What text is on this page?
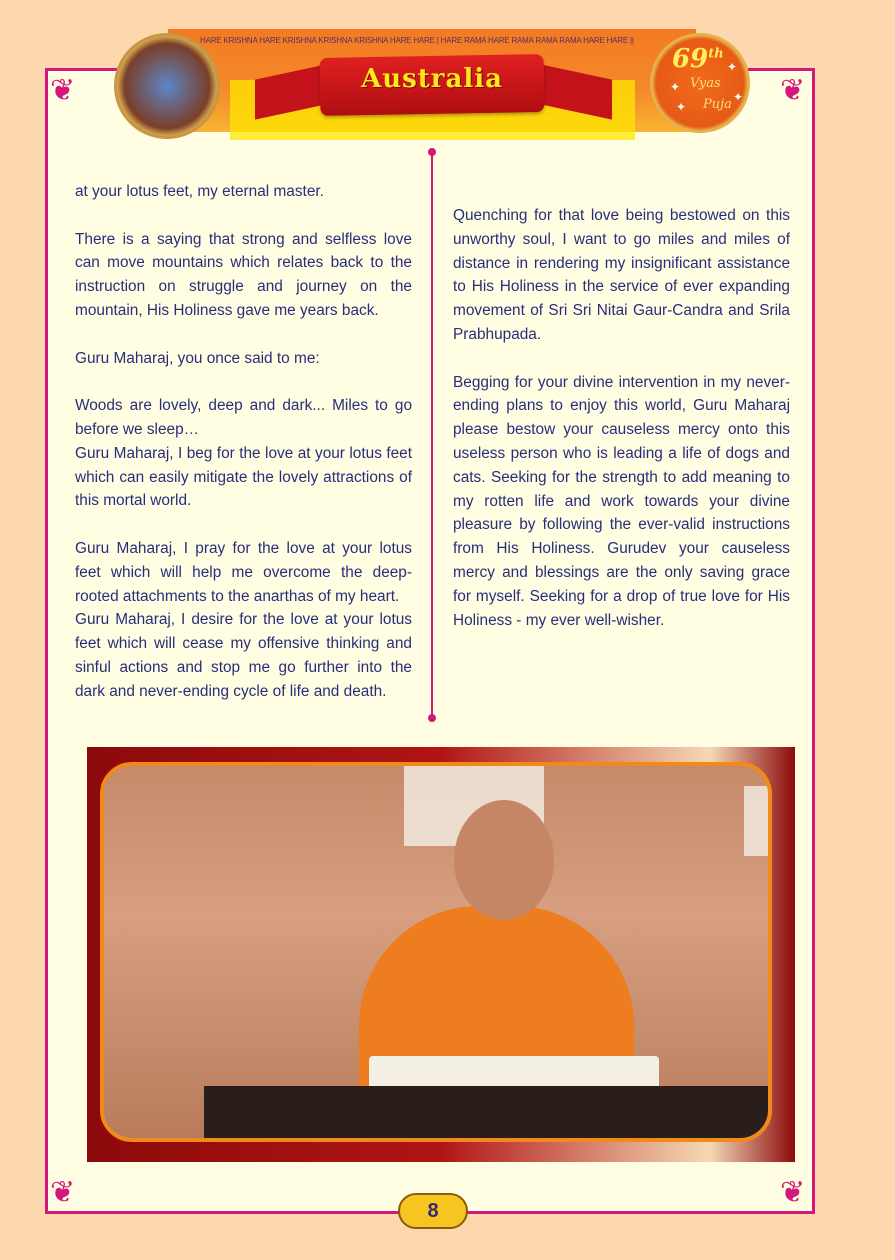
❦	❦
❦	❦
HARE KRISHNA HARE KRISHNA KRISHNA KRISHNA HARE HARE | HARE RAMA HARE RAMA RAMA RAMA HARE HARE ||
Australia
69th
Vyas
Puja
✦
✦
✦
✦

at your lotus feet, my eternal master.

There is a saying that strong and selfless love can move mountains which relates back to the instruction on struggle and journey on the mountain, His Holiness gave me years back.

Guru Maharaj, you once said to me:

Woods are lovely, deep and dark... Miles to go before we sleep…

Guru Maharaj, I beg for the love at your lotus feet which can easily mitigate the lovely attractions of this mortal world.

Guru Maharaj, I pray for the love at your lotus feet which will help me overcome the deep-rooted attachments to the anarthas of my heart.

Guru Maharaj, I desire for the love at your lotus feet which will cease my offensive thinking and sinful actions and stop me go further into the dark and never-ending cycle of life and death.

Quenching for that love being bestowed on this unworthy soul, I want to go miles and miles of distance in rendering my insignificant assistance to His Holiness in the service of ever expanding movement of Sri Sri Nitai Gaur-Candra and Srila Prabhupada.

Begging for your divine intervention in my never-ending plans to enjoy this world, Guru Maharaj please bestow your causeless mercy onto this useless person who is leading a life of dogs and cats. Seeking for the strength to add meaning to my rotten life and work towards your divine pleasure by following the ever-valid instructions from His Holiness. Gurudev your causeless mercy and blessings are the only saving grace for myself. Seeking for a drop of true love for His Holiness - my ever well-wisher.

8
